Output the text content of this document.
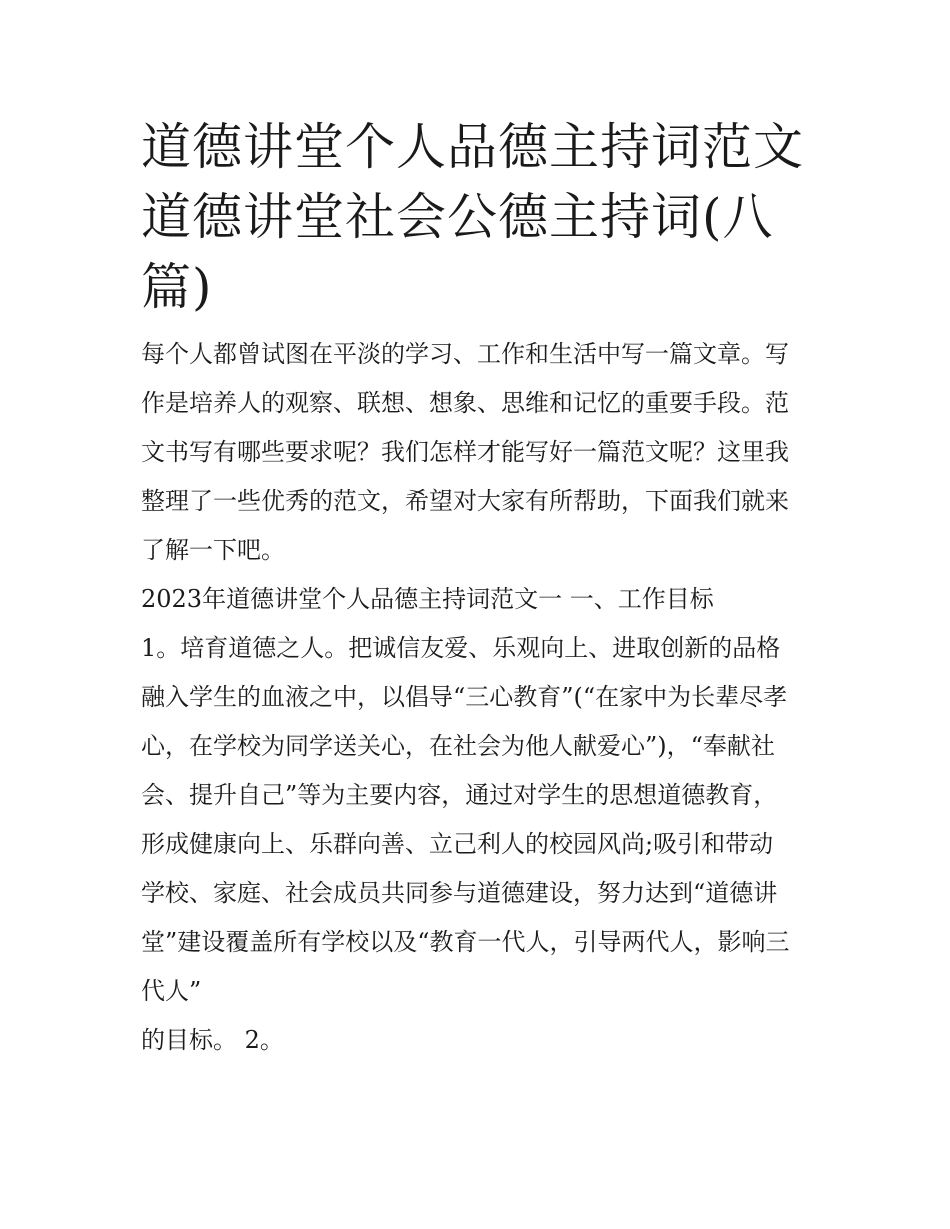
道德讲堂个人品德主持词范文
道德讲堂社会公德主持词(八
篇)

每个人都曾试图在平淡的学习、工作和生活中写一篇文章。写
作是培养人的观察、联想、想象、思维和记忆的重要手段。范
文书写有哪些要求呢？我们怎样才能写好一篇范文呢？这里我
整理了一些优秀的范文，希望对大家有所帮助，下面我们就来
了解一下吧。

2023年道德讲堂个人品德主持词范文一 一、工作目标

1。培育道德之人。把诚信友爱、乐观向上、进取创新的品格
融入学生的血液之中，以倡导“三心教育”(“在家中为长辈尽孝
心，在学校为同学送关心，在社会为他人献爱心”)，“奉献社
会、提升自己”等为主要内容，通过对学生的思想道德教育，
形成健康向上、乐群向善、立己利人的校园风尚;吸引和带动
学校、家庭、社会成员共同参与道德建设，努力达到“道德讲
堂”建设覆盖所有学校以及“教育一代人，引导两代人，影响三
代人”

的目标。 2。
